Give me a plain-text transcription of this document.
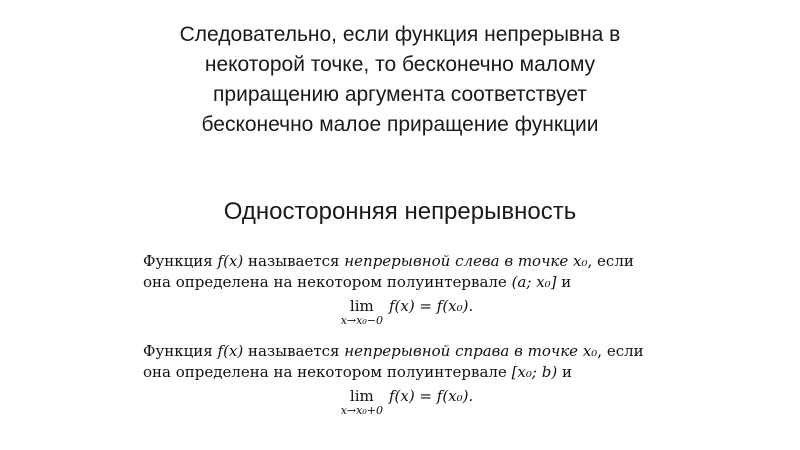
Следовательно, если функция непрерывна в
некоторой точке, то бесконечно малому
приращению аргумента соответствует
бесконечно малое приращение функции
Односторонняя непрерывность
Функция f(x) называется непрерывной слева в точке x₀, если
она определена на некотором полуинтервале (a; x₀] и
lim
x→x₀−0
f(x) = f(x₀).
Функция f(x) называется непрерывной справа в точке x₀, если
она определена на некотором полуинтервале [x₀; b) и
lim
x→x₀+0
f(x) = f(x₀).
